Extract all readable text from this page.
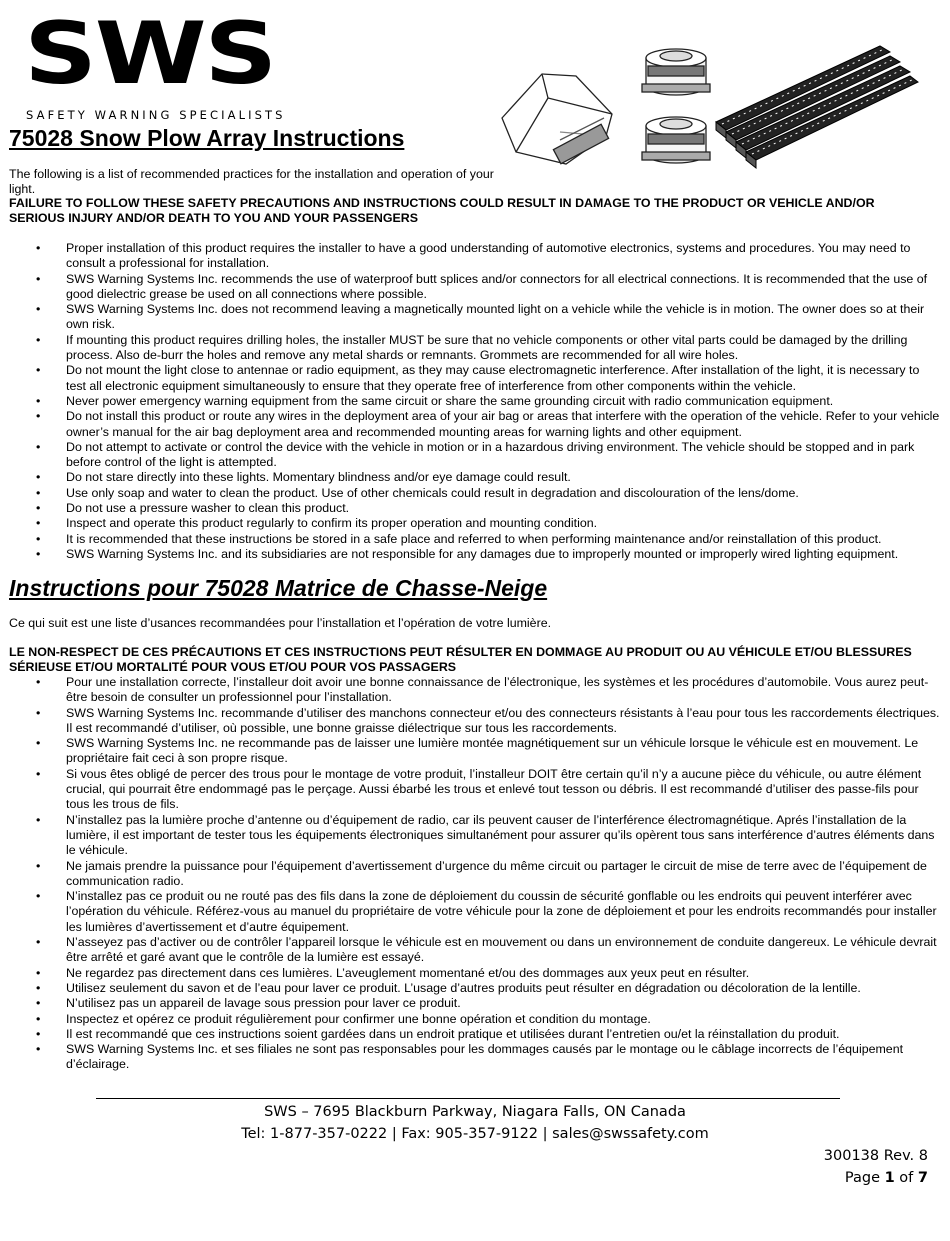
SWS
SAFETY WARNING SPECIALISTS
75028 Snow Plow Array Instructions

The following is a list of recommended practices for the installation and operation of your light.

FAILURE TO FOLLOW THESE SAFETY PRECAUTIONS AND INSTRUCTIONS COULD RESULT IN DAMAGE TO THE PRODUCT OR VEHICLE AND/OR SERIOUS INJURY AND/OR DEATH TO YOU AND YOUR PASSENGERS

• Proper installation of this product requires the installer to have a good understanding of automotive electronics, systems and procedures. You may need to consult a professional for installation.
• SWS Warning Systems Inc. recommends the use of waterproof butt splices and/or connectors for all electrical connections. It is recommended that the use of good dielectric grease be used on all connections where possible.
• SWS Warning Systems Inc. does not recommend leaving a magnetically mounted light on a vehicle while the vehicle is in motion. The owner does so at their own risk.
• If mounting this product requires drilling holes, the installer MUST be sure that no vehicle components or other vital parts could be damaged by the drilling process. Also de-burr the holes and remove any metal shards or remnants. Grommets are recommended for all wire holes.
• Do not mount the light close to antennae or radio equipment, as they may cause electromagnetic interference. After installation of the light, it is necessary to test all electronic equipment simultaneously to ensure that they operate free of interference from other components within the vehicle.
• Never power emergency warning equipment from the same circuit or share the same grounding circuit with radio communication equipment.
• Do not install this product or route any wires in the deployment area of your air bag or areas that interfere with the operation of the vehicle. Refer to your vehicle owner’s manual for the air bag deployment area and recommended mounting areas for warning lights and other equipment.
• Do not attempt to activate or control the device with the vehicle in motion or in a hazardous driving environment. The vehicle should be stopped and in park before control of the light is attempted.
• Do not stare directly into these lights. Momentary blindness and/or eye damage could result.
• Use only soap and water to clean the product. Use of other chemicals could result in degradation and discolouration of the lens/dome.
• Do not use a pressure washer to clean this product.
• Inspect and operate this product regularly to confirm its proper operation and mounting condition.
• It is recommended that these instructions be stored in a safe place and referred to when performing maintenance and/or reinstallation of this product.
• SWS Warning Systems Inc. and its subsidiaries are not responsible for any damages due to improperly mounted or improperly wired lighting equipment.
Instructions pour 75028 Matrice de Chasse-Neige

Ce qui suit est une liste d’usances recommandées pour l’installation et l’opération de votre lumière.

LE NON-RESPECT DE CES PRÉCAUTIONS ET CES INSTRUCTIONS PEUT RÉSULTER EN DOMMAGE AU PRODUIT OU AU VÉHICULE ET/OU BLESSURES SÉRIEUSE ET/OU MORTALITÉ POUR VOUS ET/OU POUR VOS PASSAGERS

• Pour une installation correcte, l’installeur doit avoir une bonne connaissance de l’électronique, les systèmes et les procédures d’automobile. Vous aurez peut-être besoin de consulter un professionnel pour l’installation.
• SWS Warning Systems Inc. recommande d’utiliser des manchons connecteur et/ou des connecteurs résistants à l’eau pour tous les raccordements électriques. Il est recommandé d’utiliser, où possible, une bonne graisse diélectrique sur tous les raccordements.
• SWS Warning Systems Inc. ne recommande pas de laisser une lumière montée magnétiquement sur un véhicule lorsque le véhicule est en mouvement. Le propriétaire fait ceci à son propre risque.
• Si vous êtes obligé de percer des trous pour le montage de votre produit, l’installeur DOIT être certain qu’il n’y a aucune pièce du véhicule, ou autre élément crucial, qui pourrait être endommagé pas le perçage. Aussi ébarbé les trous et enlevé tout tesson ou débris. Il est recommandé d’utiliser des passe-fils pour tous les trous de fils.
• N’installez pas la lumière proche d’antenne ou d’équipement de radio, car ils peuvent causer de l’interférence électromagnétique. Aprés l’installation de la lumière, il est important de tester tous les équipements électroniques simultanément pour assurer qu’ils opèrent tous sans interférence d’autres éléments dans le véhicule.
• Ne jamais prendre la puissance pour l’équipement d’avertissement d’urgence du même circuit ou partager le circuit de mise de terre avec de l’équipement de communication radio.
• N’installez pas ce produit ou ne routé pas des fils dans la zone de déploiement du coussin de sécurité gonflable ou les endroits qui peuvent interférer avec l’opération du véhicule. Référez-vous au manuel du propriétaire de votre véhicule pour la zone de déploiement et pour les endroits recommandés pour installer les lumières d’avertissement et d’autre équipement.
• N’asseyez pas d’activer ou de contrôler l’appareil lorsque le véhicule est en mouvement ou dans un environnement de conduite dangereux. Le véhicule devrait être arrêté et garé avant que le contrôle de la lumière est essayé.
• Ne regardez pas directement dans ces lumières. L’aveuglement momentané et/ou des dommages aux yeux peut en résulter.
• Utilisez seulement du savon et de l’eau pour laver ce produit. L’usage d’autres produits peut résulter en dégradation ou décoloration de la lentille.
• N’utilisez pas un appareil de lavage sous pression pour laver ce produit.
• Inspectez et opérez ce produit régulièrement pour confirmer une bonne opération et condition du montage.
• Il est recommandé que ces instructions soient gardées dans un endroit pratique et utilisées durant l’entretien ou/et la réinstallation du produit.
• SWS Warning Systems Inc. et ses filiales ne sont pas responsables pour les dommages causés par le montage ou le câblage incorrects de l’équipement d’éclairage.
SWS – 7695 Blackburn Parkway, Niagara Falls, ON Canada
Tel: 1-877-357-0222 | Fax: 905-357-9122 | sales@swssafety.com
300138 Rev. 8
Page 1 of 7
